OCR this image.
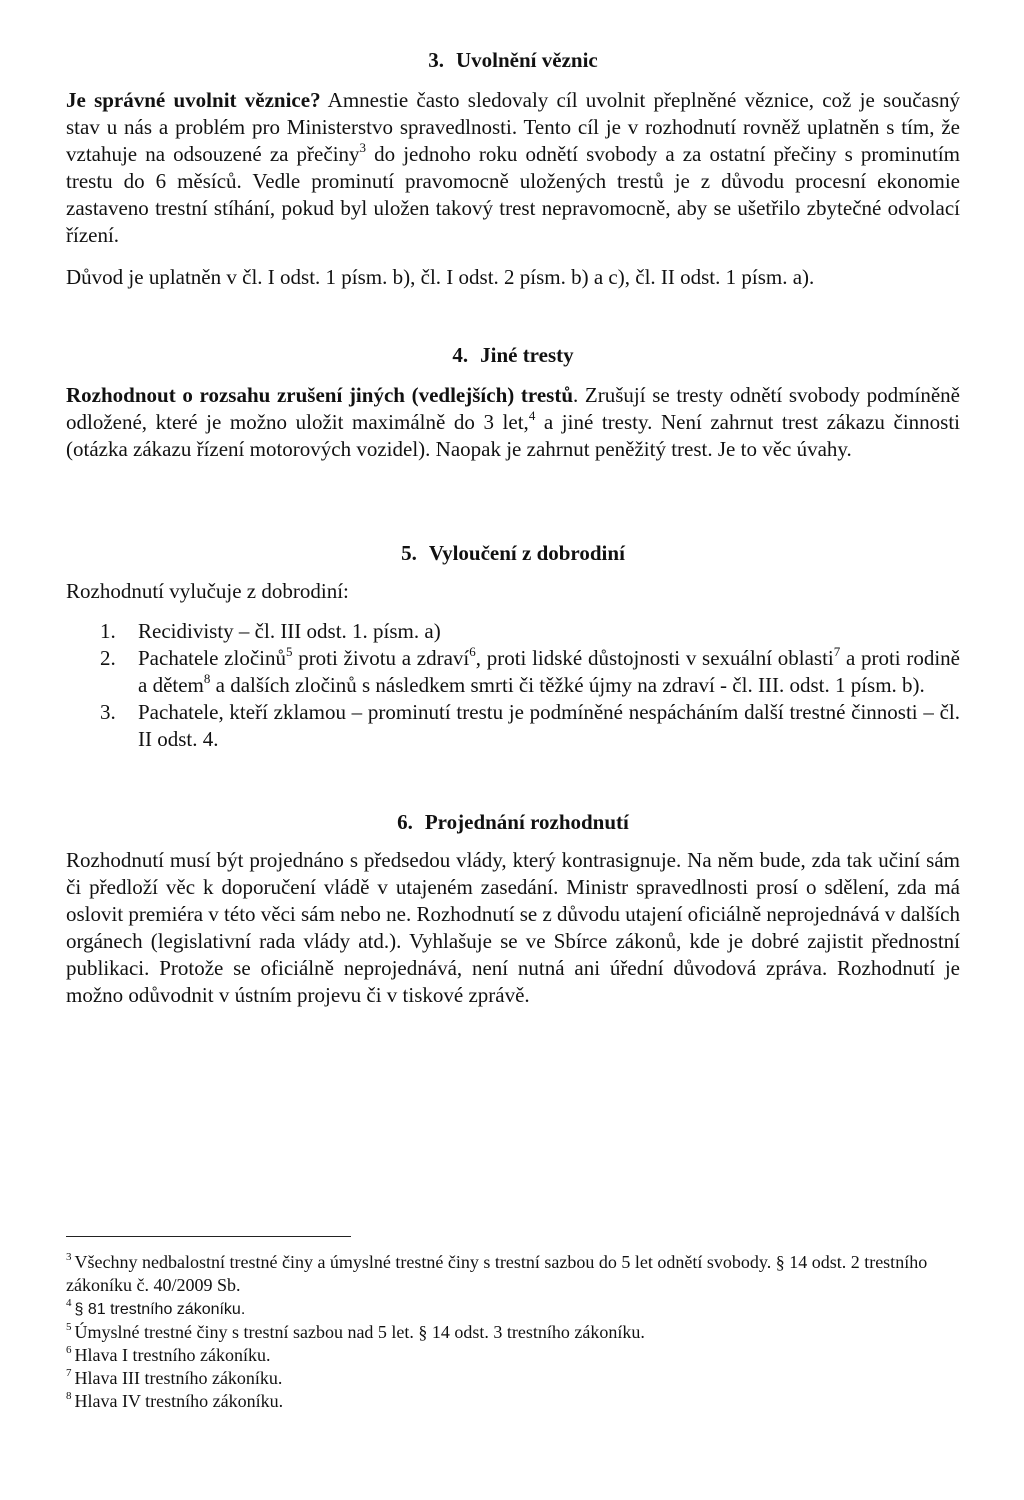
3. Uvolnění věznic

Je správné uvolnit věznice? Amnestie často sledovaly cíl uvolnit přeplněné věznice, což je současný stav u nás a problém pro Ministerstvo spravedlnosti. Tento cíl je v rozhodnutí rovněž uplatněn s tím, že vztahuje na odsouzené za přečiny$^3$ do jednoho roku odnětí svobody a za ostatní přečiny s prominutím trestu do 6 měsíců. Vedle prominutí pravomocně uložených trestů je z důvodu procesní ekonomie zastaveno trestní stíhání, pokud byl uložen takový trest nepravomocně, aby se ušetřilo zbytečné odvolací řízení.

Důvod je uplatněn v čl. I odst. 1 písm. b), čl. I odst. 2 písm. b) a c), čl. II odst. 1 písm. a).

4. Jiné tresty

Rozhodnout o rozsahu zrušení jiných (vedlejších) trestů. Zrušují se tresty odnětí svobody podmíněně odložené, které je možno uložit maximálně do 3 let,$^4$ a jiné tresty. Není zahrnut trest zákazu činnosti (otázka zákazu řízení motorových vozidel). Naopak je zahrnut peněžitý trest. Je to věc úvahy.

5. Vyloučení z dobrodiní

Rozhodnutí vylučuje z dobrodiní:

1. Recidivisty – čl. III odst. 1. písm. a)
2. Pachatele zločinů$^5$ proti životu a zdraví$^6$, proti lidské důstojnosti v sexuální oblasti$^7$ a proti rodině a dětem$^8$ a dalších zločinů s následkem smrti či těžké újmy na zdraví - čl. III. odst. 1 písm. b).
3. Pachatele, kteří zklamou – prominutí trestu je podmíněné nespácháním další trestné činnosti – čl. II odst. 4.
6. Projednání rozhodnutí

Rozhodnutí musí být projednáno s předsedou vlády, který kontrasignuje. Na něm bude, zda tak učiní sám či předloží věc k doporučení vládě v utajeném zasedání. Ministr spravedlnosti prosí o sdělení, zda má oslovit premiéra v této věci sám nebo ne. Rozhodnutí se z důvodu utajení oficiálně neprojednává v dalších orgánech (legislativní rada vlády atd.). Vyhlašuje se ve Sbírce zákonů, kde je dobré zajistit přednostní publikaci. Protože se oficiálně neprojednává, není nutná ani úřední důvodová zpráva. Rozhodnutí je možno odůvodnit v ústním projevu či v tiskové zprávě.

$^3$ Všechny nedbalostní trestné činy a úmyslné trestné činy s trestní sazbou do 5 let odnětí svobody. § 14 odst. 2 trestního zákoníku č. 40/2009 Sb.
$^4$ § 81 trestního zákoníku.
$^5$ Úmyslné trestné činy s trestní sazbou nad 5 let. § 14 odst. 3 trestního zákoníku.
$^6$ Hlava I trestního zákoníku.
$^7$ Hlava III trestního zákoníku.
$^8$ Hlava IV trestního zákoníku.
